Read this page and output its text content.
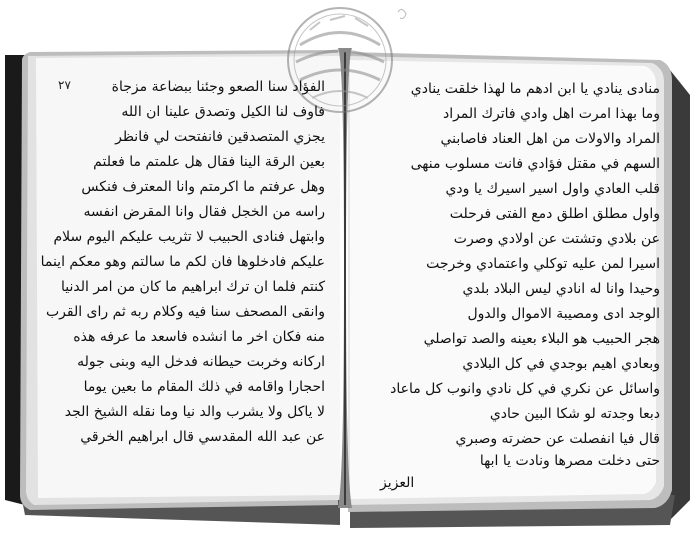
٢٧	الفؤاد سنا الصعو وجئنا ببضاعة مزجاة
فاوف لنا الكيل وتصدق علينا ان الله
يجزي المتصدقين فانفتحت لي فانظر
بعين الرقة الينا فقال هل علمتم ما فعلتم
وهل عرفتم ما اكرمتم وانا المعترف فنكس
راسه من الخجل فقال وانا المقرض انفسه
وابتهل فنادى الحبيب لا تثريب عليكم اليوم سلام
عليكم فادخلوها فان لكم ما سالتم وهو معكم اينما
كنتم فلما ان ترك ابراهيم ما كان من امر الدنيا
وانقى المصحف سنا فيه وكلام ربه ثم راى القرب
منه فكان اخر ما انشده فاسعد ما عرفه هذه
اركانه وخربت حيطانه فدخل اليه وبنى جوله
احجارا واقامه في ذلك المقام ما بعين يوما
لا ياكل ولا يشرب والد نيا وما نقله الشيخ الجد
عن عبد الله المقدسي قال ابراهيم الخرقي
منادى ينادي يا ابن ادهم ما لهذا خلقت ينادي
وما بهذا امرت اهل وادي فاترك المراد
المراد والاولات من اهل العناد فاصابني
السهم في مقتل فؤادي فانت مسلوب منهى
قلب العادي واول اسير اسيرك يا ودي
واول مطلق اطلق دمع الفتى فرحلت
عن بلادي وتشتت عن اولادي وصرت
اسيرا لمن عليه توكلي واعتمادي وخرجت
وحيدا وانا له انادي ليس البلاد بلدي
الوجد ادى ومصيبة الاموال والدول
هجر الحبيب هو البلاء بعينه والصد تواصلي
وبعادي اهيم بوجدي في كل البلادي
واسائل عن نكري في كل نادي وانوب كل ماعاد
دبعا وجدته لو شكا البين حادي
قال فيا انفصلت عن حضرته وصبري
حتى دخلت مصرها ونادت يا ابها
العزيز
